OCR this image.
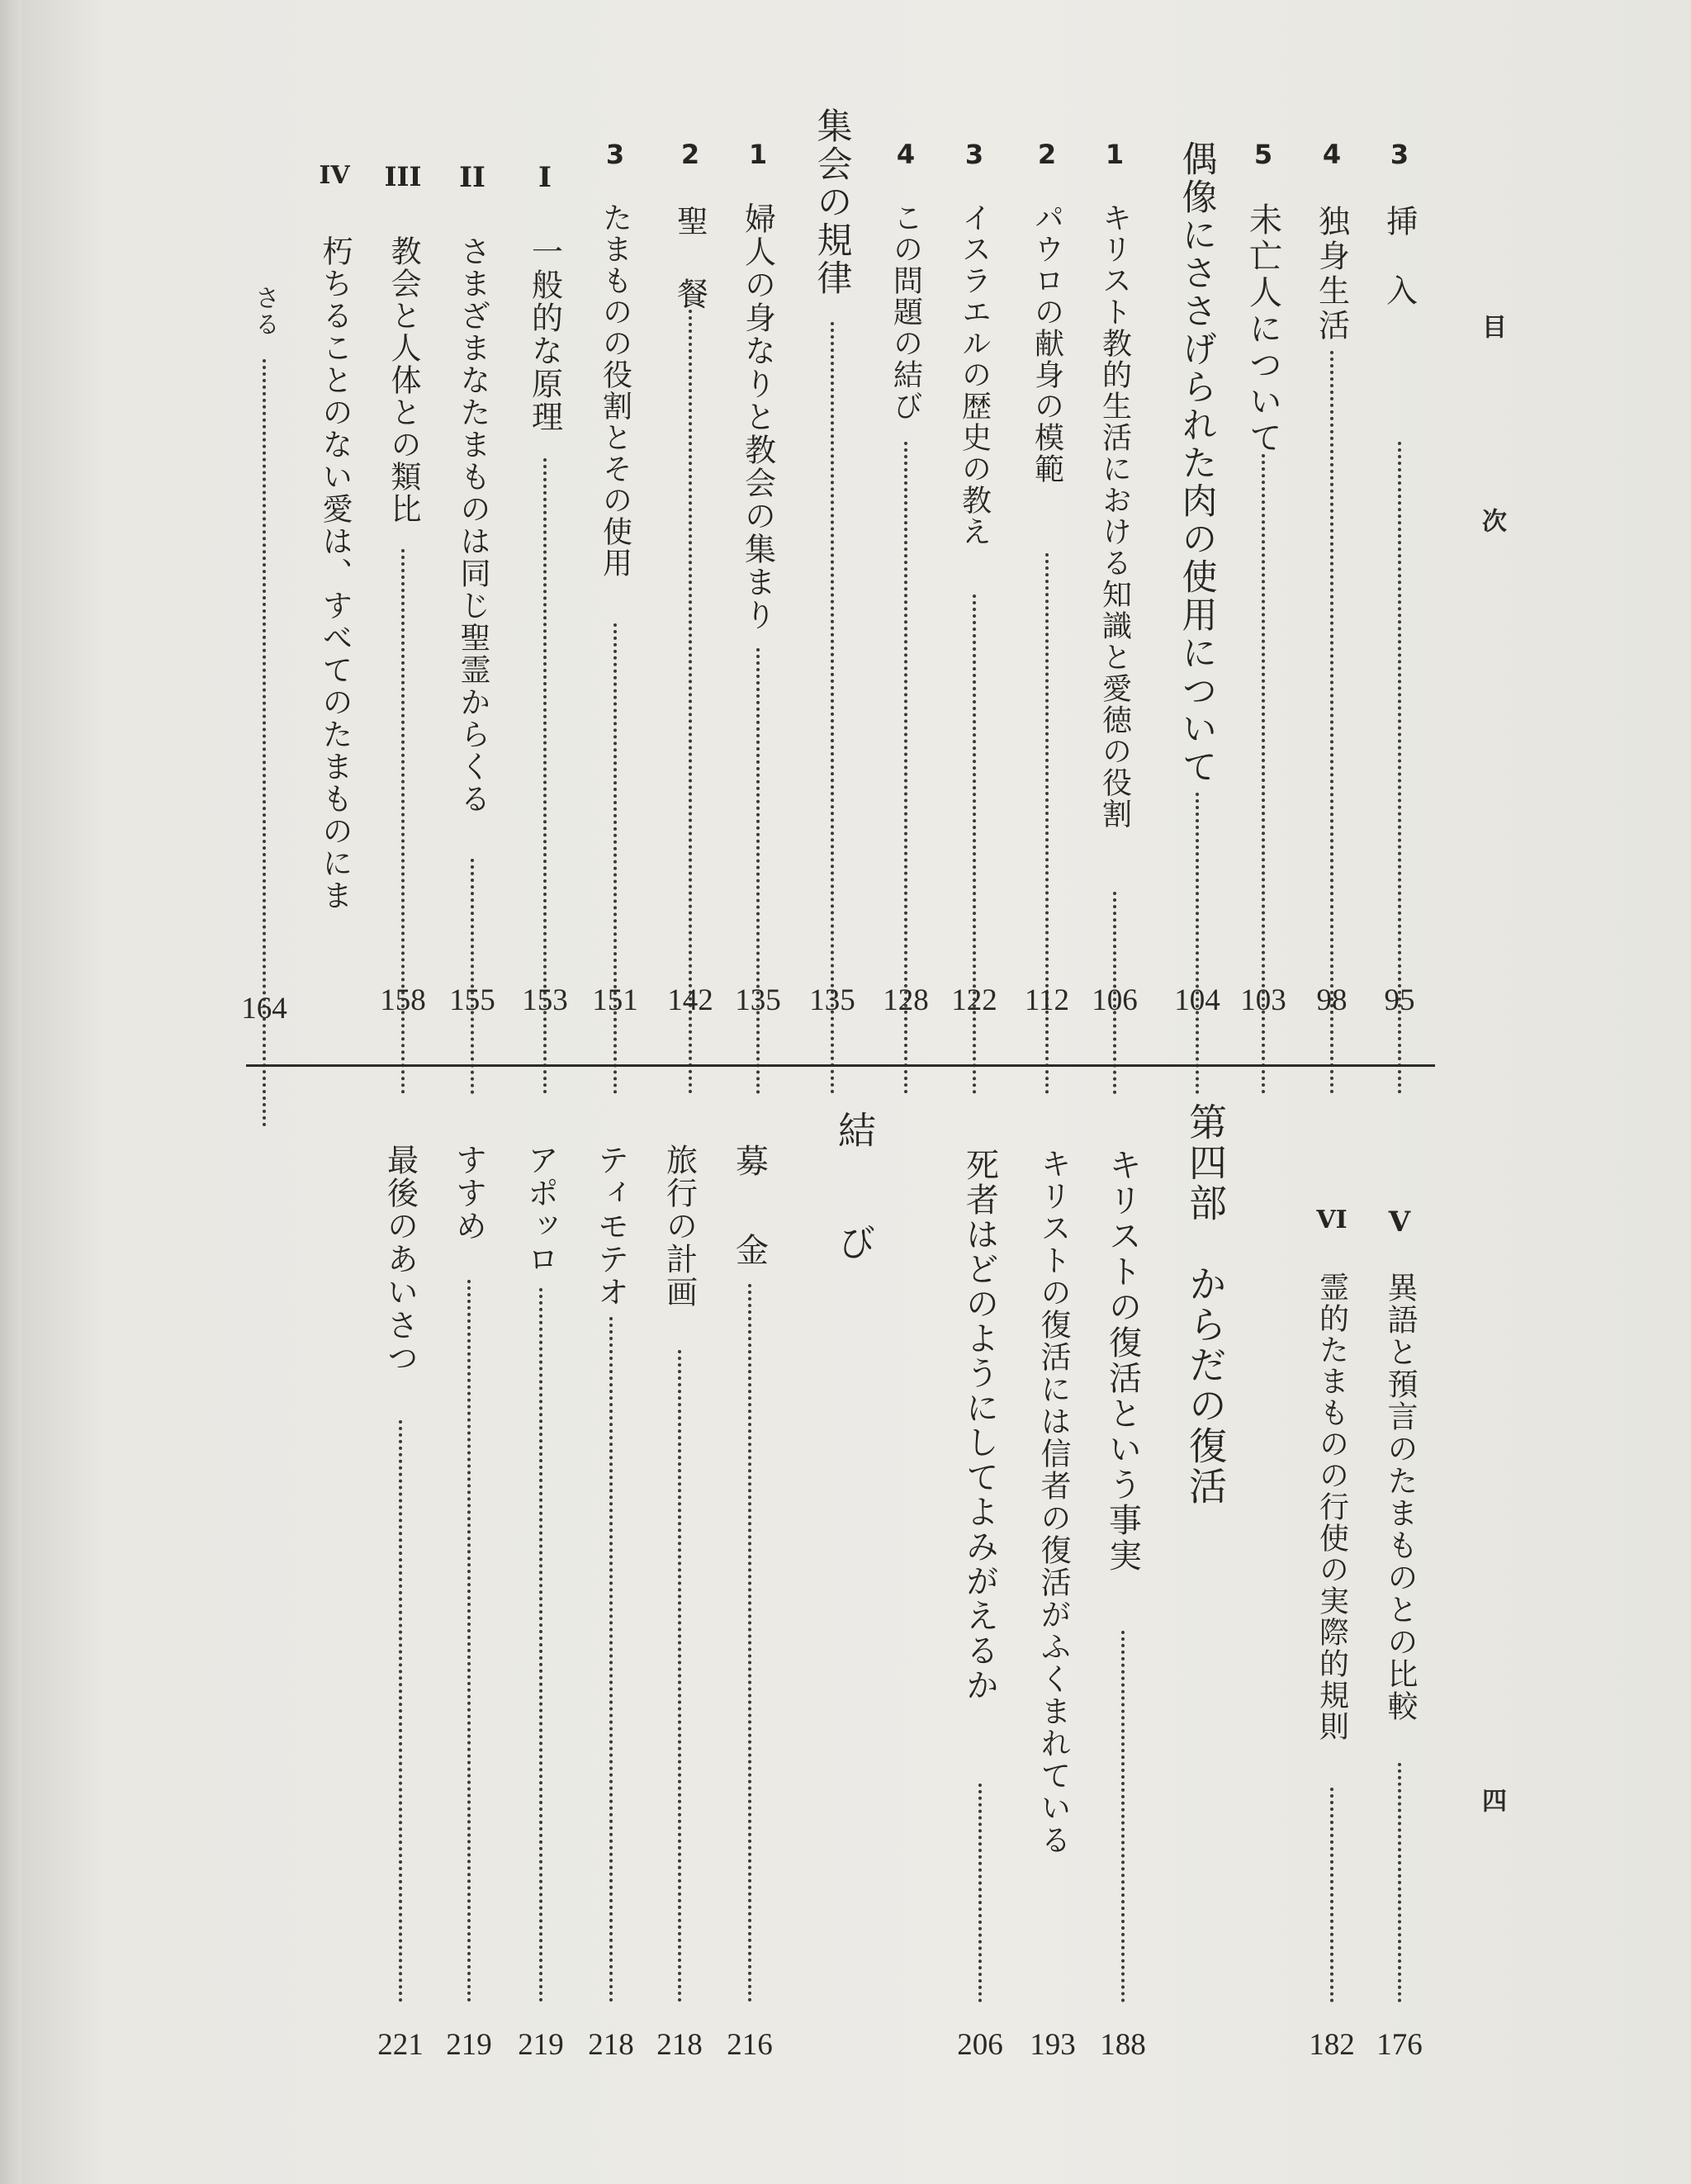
目
次
四
3
挿　入
95
4
独身生活
98
5
未亡人について
103
偶像にささげられた肉の使用について
104
1
キリスト教的生活における知識と愛徳の役割
106
2
パウロの献身の模範
112
3
イスラエルの歴史の教え
122
4
この問題の結び
128
集会の規律
135
1
婦人の身なりと教会の集まり
135
2
聖　餐
142
3
たまものの役割とその使用
151
I
一般的な原理
153
II
さまざまなたまものは同じ聖霊からくる
155
III
教会と人体との類比
158
IV
朽ちることのない愛は、すべてのたまものにま
さる
164
V
異語と預言のたまものとの比較
176
VI
霊的たまものの行使の実際的規則
182
第四部　からだの復活
キリストの復活という事実
188
キリストの復活には信者の復活がふくまれている
193
死者はどのようにしてよみがえるか
206
結　び
募　金
216
旅行の計画
218
ティモテオ
218
アポッロ
219
すすめ
219
最後のあいさつ
221
